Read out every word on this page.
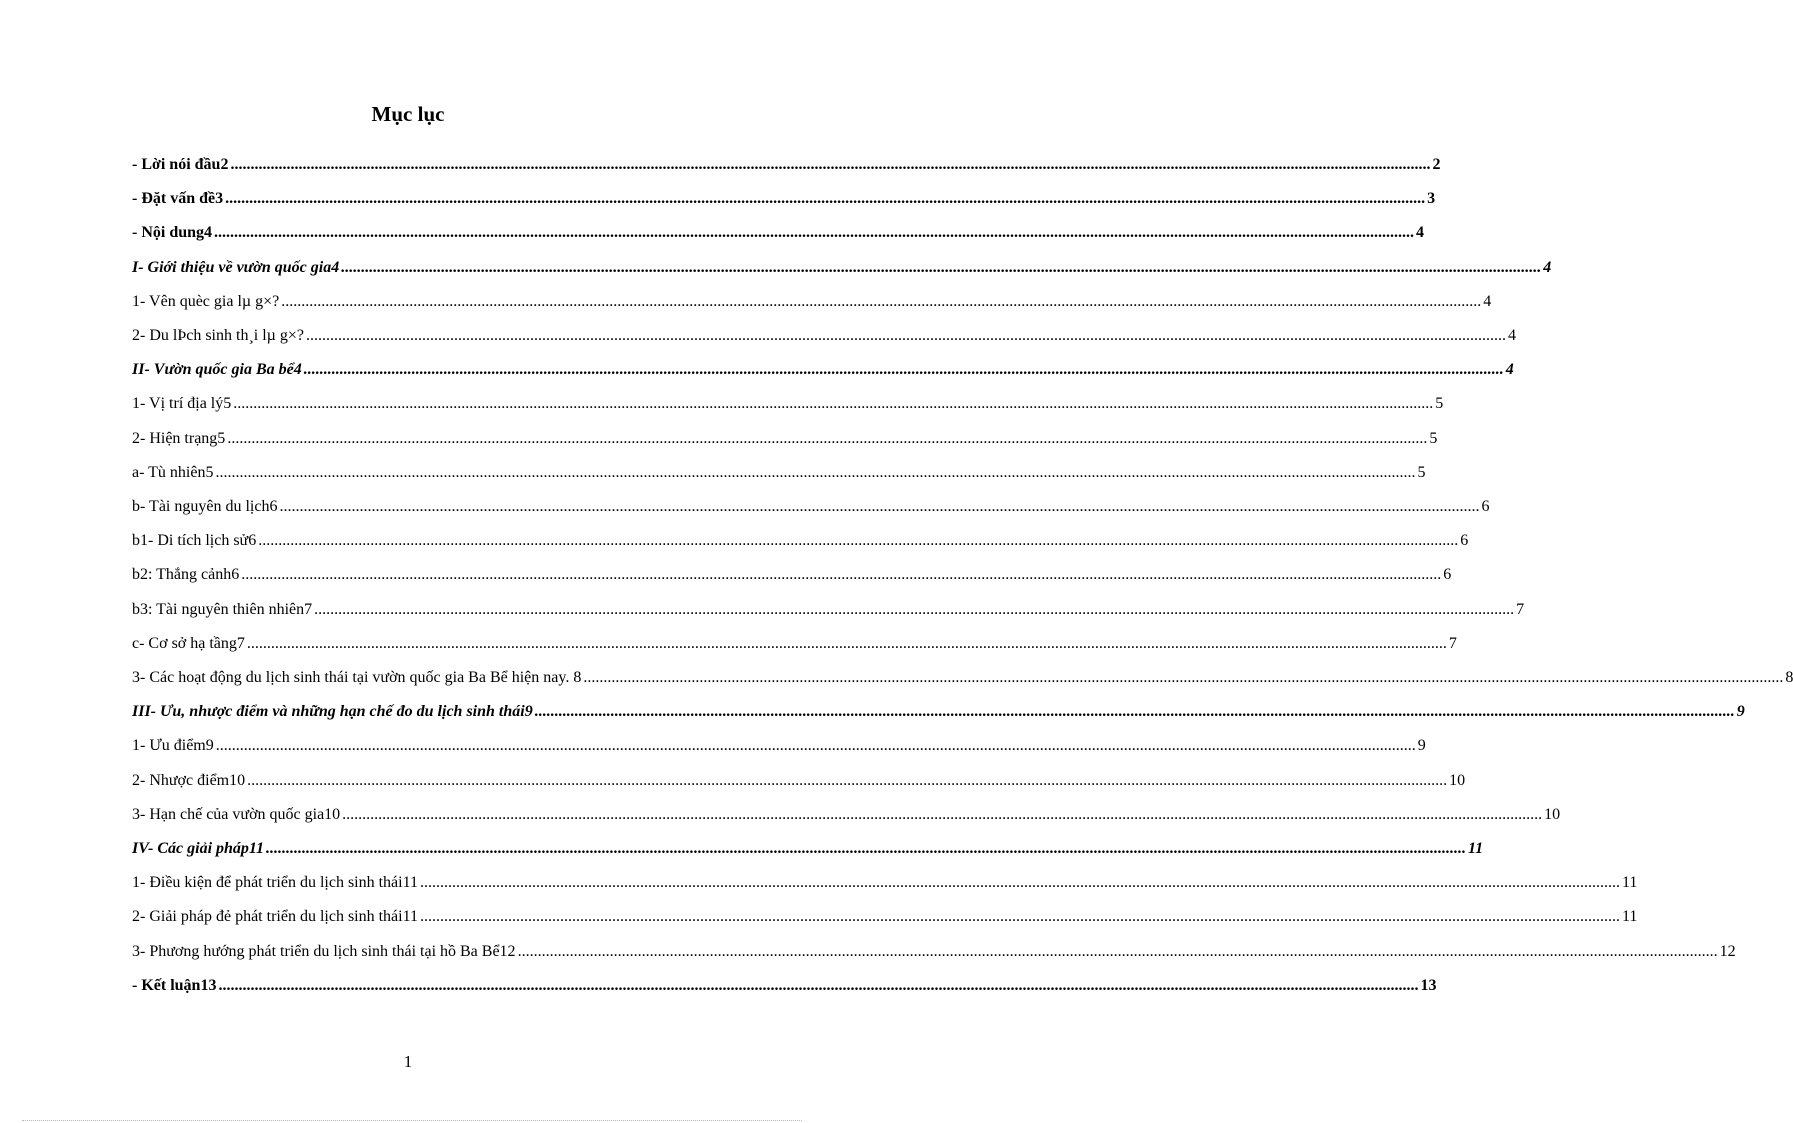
Mục lục
- Lời nói đầu2 ............................................................................................................................................................................................................................................................................................................ 2
- Đặt vấn đề3 ............................................................................................................................................................................................................................................................................................................ 3
- Nội dung4 ............................................................................................................................................................................................................................................................................................................ 4
I- Giới thiệu về vườn quốc gia4 ............................................................................................................................................................................................................................................................................................................ 4
1- Vên quèc gia lµ g×? ............................................................................................................................................................................................................................................................................................................ 4
2- Du lÞch sinh th¸i lµ g×? ............................................................................................................................................................................................................................................................................................................ 4
II- Vườn quốc gia Ba bể4 ............................................................................................................................................................................................................................................................................................................ 4
1- Vị trí địa lý5 ............................................................................................................................................................................................................................................................................................................ 5
2- Hiện trạng5 ............................................................................................................................................................................................................................................................................................................ 5
a- Tù nhiên5 ............................................................................................................................................................................................................................................................................................................ 5
b- Tài nguyên du lịch6 ............................................................................................................................................................................................................................................................................................................ 6
b1- Di tích lịch sử6 ............................................................................................................................................................................................................................................................................................................ 6
b2: Thắng cảnh6 ............................................................................................................................................................................................................................................................................................................ 6
b3: Tài nguyên thiên nhiên7 ............................................................................................................................................................................................................................................................................................................ 7
c- Cơ sở hạ tầng7 ............................................................................................................................................................................................................................................................................................................ 7
3- Các hoạt động du lịch sinh thái tại vườn quốc gia Ba Bể hiện nay. 8 ............................................................................................................................................................................................................................................................................................................ 8
III- Ưu, nhược điểm và những hạn chế đo du lịch sinh thái9 ............................................................................................................................................................................................................................................................................................................ 9
1- Ưu điểm9 ............................................................................................................................................................................................................................................................................................................ 9
2- Nhược điểm10 ............................................................................................................................................................................................................................................................................................................ 10
3- Hạn chế của vườn quốc gia10 ............................................................................................................................................................................................................................................................................................................ 10
IV- Các giải pháp11 ............................................................................................................................................................................................................................................................................................................ 11
1- Điều kiện để phát triển du lịch sinh thái11 ............................................................................................................................................................................................................................................................................................................ 11
2- Giải pháp đẻ phát triển du lịch sinh thái11 ............................................................................................................................................................................................................................................................................................................ 11
3- Phương hướng phát triển du lịch sinh thái tại hồ Ba Bể12 ............................................................................................................................................................................................................................................................................................................ 12
- Kết luận13 ............................................................................................................................................................................................................................................................................................................ 13
1
